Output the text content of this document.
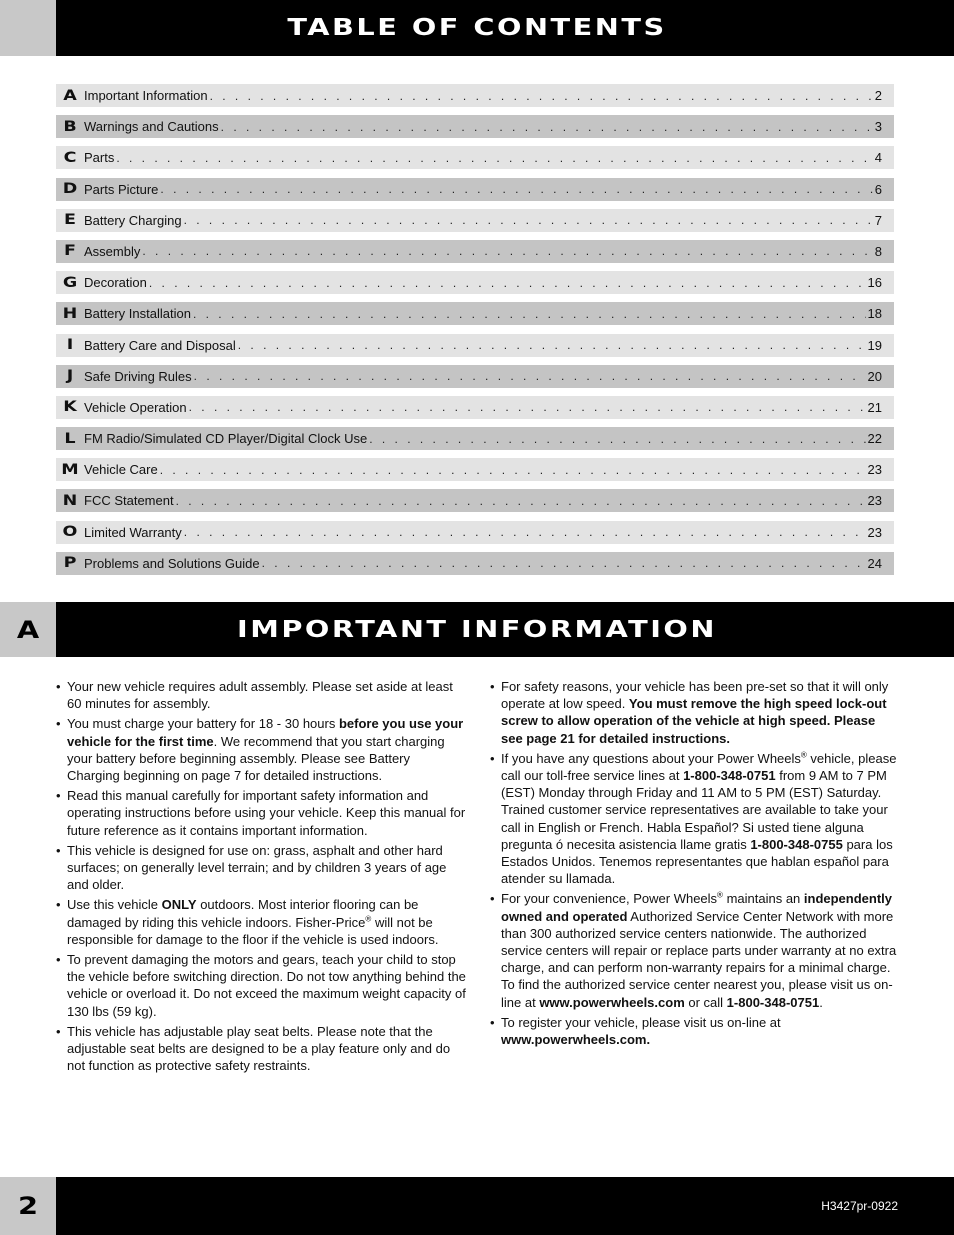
TABLE OF CONTENTS
A Important Information . . .	2
B Warnings and Cautions . . .	3
C Parts . . .	4
D Parts Picture . . .	6
E Battery Charging . . .	7
F Assembly . . .	8
G Decoration . . .	16
H Battery Installation . . .	18
I Battery Care and Disposal . . .	19
J Safe Driving Rules . . .	20
K Vehicle Operation . . .	21
L FM Radio/Simulated CD Player/Digital Clock Use . . .	22
M Vehicle Care . . .	23
N FCC Statement . . .	23
O Limited Warranty . . .	23
P Problems and Solutions Guide . . .	24
A	IMPORTANT INFORMATION
• Your new vehicle requires adult assembly. Please set aside at least 60 minutes for assembly.
• You must charge your battery for 18 - 30 hours before you use your vehicle for the first time. We recommend that you start charging your battery before beginning assembly. Please see Battery Charging beginning on page 7 for detailed instructions.
• Read this manual carefully for important safety information and operating instructions before using your vehicle. Keep this manual for future reference as it contains important information.
• This vehicle is designed for use on: grass, asphalt and other hard surfaces; on generally level terrain; and by children 3 years of age and older.
• Use this vehicle ONLY outdoors. Most interior flooring can be damaged by riding this vehicle indoors. Fisher-Price® will not be responsible for damage to the floor if the vehicle is used indoors.
• To prevent damaging the motors and gears, teach your child to stop the vehicle before switching direction. Do not tow anything behind the vehicle or overload it. Do not exceed the maximum weight capacity of 130 lbs (59 kg).
• This vehicle has adjustable play seat belts. Please note that the adjustable seat belts are designed to be a play feature only and do not function as protective safety restraints.
• For safety reasons, your vehicle has been pre-set so that it will only operate at low speed. You must remove the high speed lock-out screw to allow operation of the vehicle at high speed. Please see page 21 for detailed instructions.
• If you have any questions about your Power Wheels® vehicle, please call our toll-free service lines at 1-800-348-0751 from 9 AM to 7 PM (EST) Monday through Friday and 11 AM to 5 PM (EST) Saturday. Trained customer service representatives are available to take your call in English or French. Habla Español? Si usted tiene alguna pregunta ó necesita asistencia llame gratis 1-800-348-0755 para los Estados Unidos. Tenemos representantes que hablan español para atender su llamada.
• For your convenience, Power Wheels® maintains an independently owned and operated Authorized Service Center Network with more than 300 authorized service centers nationwide. The authorized service centers will repair or replace parts under warranty at no extra charge, and can perform non-warranty repairs for a minimal charge. To find the authorized service center nearest you, please visit us on-line at www.powerwheels.com or call 1-800-348-0751.
• To register your vehicle, please visit us on-line at www.powerwheels.com.
2	H3427pr-0922
